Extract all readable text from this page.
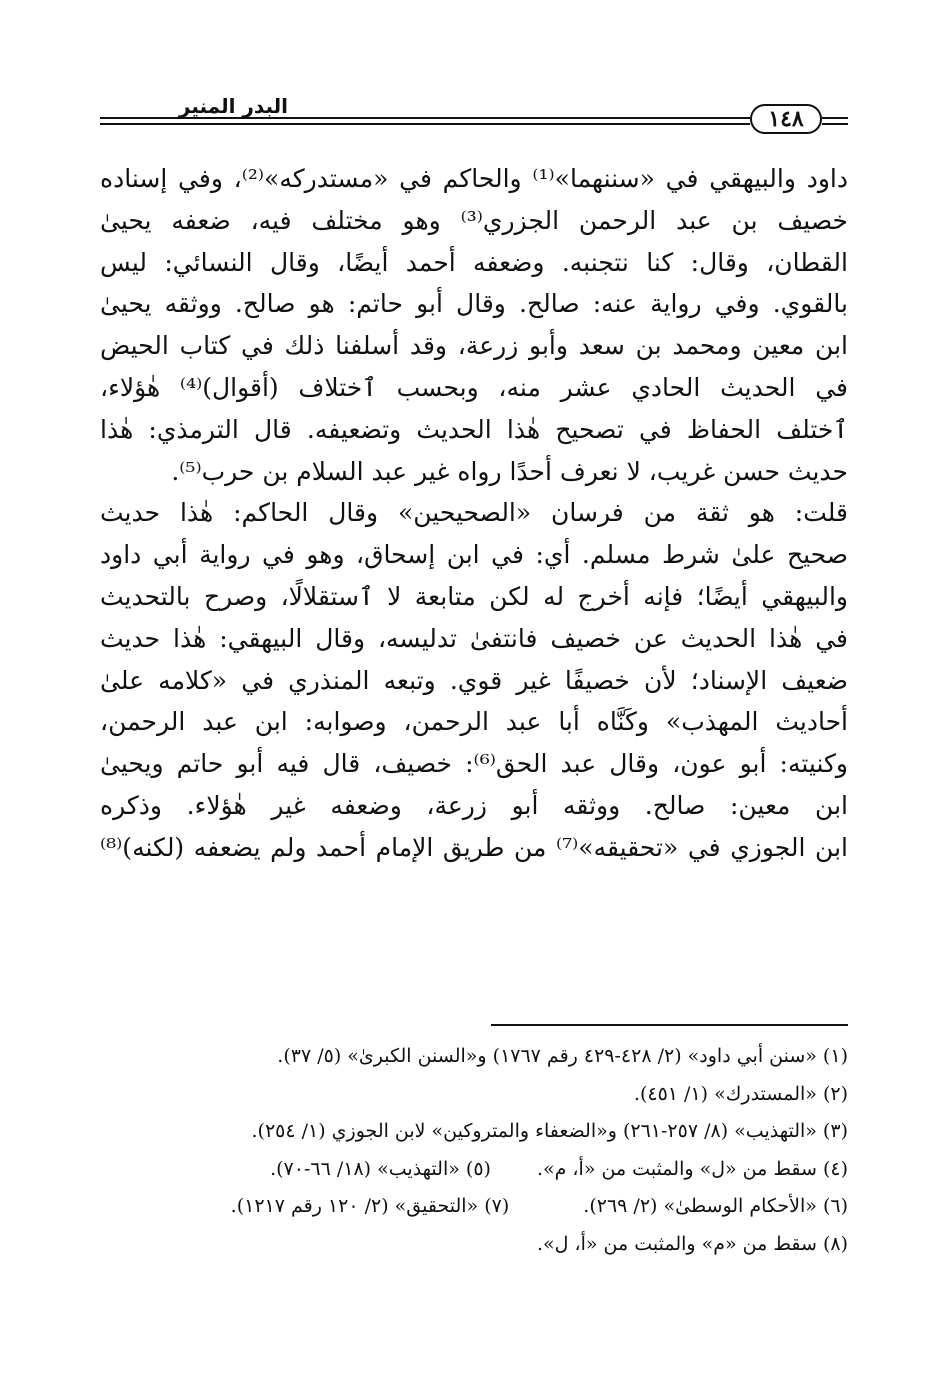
البدر المنير	١٤٨
داود والبيهقي في «سننهما»⁽¹⁾ والحاكم في «مستدركه»⁽²⁾، وفي إسناده
خصيف بن عبد الرحمن الجزري⁽³⁾ وهو مختلف فيه، ضعفه يحيىٰ
القطان، وقال: كنا نتجنبه. وضعفه أحمد أيضًا، وقال النسائي: ليس
بالقوي. وفي رواية عنه: صالح. وقال أبو حاتم: هو صالح. ووثقه يحيىٰ
ابن معين ومحمد بن سعد وأبو زرعة، وقد أسلفنا ذلك في كتاب الحيض
في الحديث الحادي عشر منه، وبحسب ٱختلاف (أقوال)⁽⁴⁾ هٰؤلاء،
ٱختلف الحفاظ في تصحيح هٰذا الحديث وتضعيفه. قال الترمذي: هٰذا
حديث حسن غريب، لا نعرف أحدًا رواه غير عبد السلام بن حرب⁽⁵⁾.
قلت: هو ثقة من فرسان «الصحيحين» وقال الحاكم: هٰذا حديث
صحيح علىٰ شرط مسلم. أي: في ابن إسحاق، وهو في رواية أبي داود
والبيهقي أيضًا؛ فإنه أخرج له لكن متابعة لا ٱستقلالًا، وصرح بالتحديث
في هٰذا الحديث عن خصيف فانتفىٰ تدليسه، وقال البيهقي: هٰذا حديث
ضعيف الإسناد؛ لأن خصيفًا غير قوي. وتبعه المنذري في «كلامه علىٰ
أحاديث المهذب» وكَنَّاه أبا عبد الرحمن، وصوابه: ابن عبد الرحمن،
وكنيته: أبو عون، وقال عبد الحق⁽⁶⁾: خصيف، قال فيه أبو حاتم ويحيىٰ
ابن معين: صالح. ووثقه أبو زرعة، وضعفه غير هٰؤلاء. وذكره
ابن الجوزي في «تحقيقه»⁽⁷⁾ من طريق الإمام أحمد ولم يضعفه (لكنه)⁽⁸⁾
(١) «سنن أبي داود» (٢/ ٤٢٨-٤٢٩ رقم ١٧٦٧) و«السنن الكبرىٰ» (٥/ ٣٧).
(٢) «المستدرك» (١/ ٤٥١).
(٣) «التهذيب» (٨/ ٢٥٧-٢٦١) و«الضعفاء والمتروكين» لابن الجوزي (١/ ٢٥٤).
(٤) سقط من «ل» والمثبت من «أ، م».
(٥) «التهذيب» (١٨/ ٦٦-٧٠).
(٦) «الأحكام الوسطىٰ» (٢/ ٢٦٩).
(٧) «التحقيق» (٢/ ١٢٠ رقم ١٢١٧).
(٨) سقط من «م» والمثبت من «أ، ل».
